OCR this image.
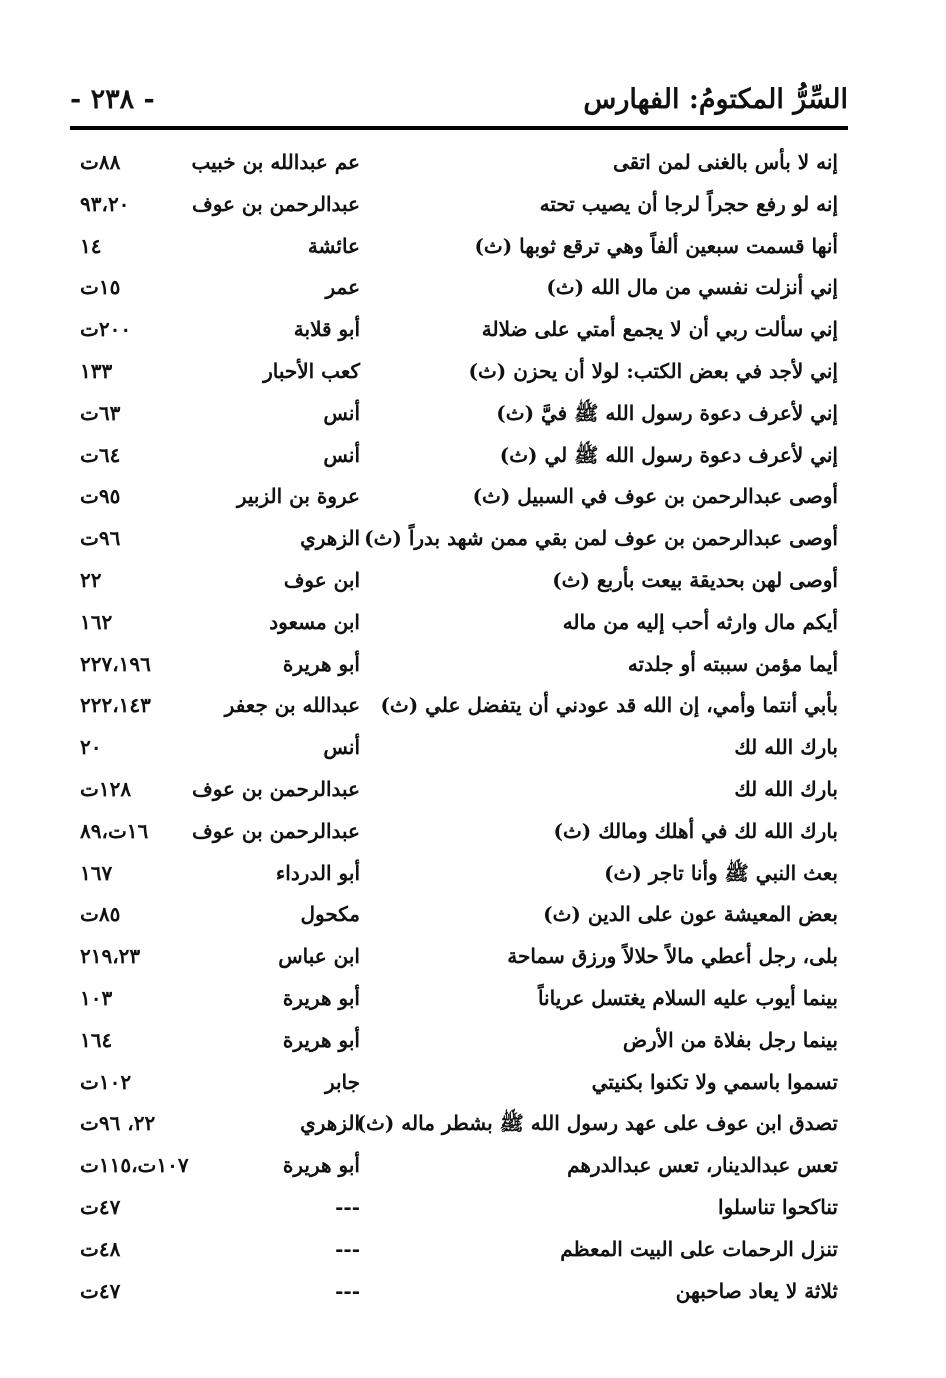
السِّرُّ المكتومُ: الفهارس
- ٢٣٨ -
إنه لا بأس بالغنى لمن اتقى
عم عبدالله بن خبيب
٨٨ت
إنه لو رفع حجراً لرجا أن يصيب تحته
عبدالرحمن بن عوف
٩٣،٢٠
أنها قسمت سبعين ألفاً وهي ترقع ثوبها (ث)
عائشة
١٤
إني أنزلت نفسي من مال الله (ث)
عمر
١٥ت
إني سألت ربي أن لا يجمع أمتي على ضلالة
أبو قلابة
٢٠٠ت
إني لأجد في بعض الكتب: لولا أن يحزن (ث)
كعب الأحبار
١٣٣
إني لأعرف دعوة رسول الله ﷺ فيَّ (ث)
أنس
٦٣ت
إني لأعرف دعوة رسول الله ﷺ لي (ث)
أنس
٦٤ت
أوصى عبدالرحمن بن عوف في السبيل (ث)
عروة بن الزبير
٩٥ت
أوصى عبدالرحمن بن عوف لمن بقي ممن شهد بدراً (ث)
الزهري
٩٦ت
أوصى لهن بحديقة بيعت بأربع (ث)
ابن عوف
٢٢
أيكم مال وارثه أحب إليه من ماله
ابن مسعود
١٦٢
أيما مؤمن سببته أو جلدته
أبو هريرة
٢٢٧،١٩٦
بأبي أنتما وأمي، إن الله قد عودني أن يتفضل علي (ث)
عبدالله بن جعفر
٢٢٢،١٤٣
بارك الله لك
أنس
٢٠
بارك الله لك
عبدالرحمن بن عوف
١٢٨ت
بارك الله لك في أهلك ومالك (ث)
عبدالرحمن بن عوف
١٦ت،٨٩
بعث النبي ﷺ وأنا تاجر (ث)
أبو الدرداء
١٦٧
بعض المعيشة عون على الدين (ث)
مكحول
٨٥ت
بلى، رجل أعطي مالاً حلالاً ورزق سماحة
ابن عباس
٢١٩،٢٣
بينما أيوب عليه السلام يغتسل عرياناً
أبو هريرة
١٠٣
بينما رجل بفلاة من الأرض
أبو هريرة
١٦٤
تسموا باسمي ولا تكنوا بكنيتي
جابر
١٠٢ت
تصدق ابن عوف على عهد رسول الله ﷺ بشطر ماله (ث)
الزهري
٢٢، ٩٦ت
تعس عبدالدينار، تعس عبدالدرهم
أبو هريرة
١٠٧ت،١١٥ت
تناكحوا تناسلوا
---
٤٧ت
تنزل الرحمات على البيت المعظم
---
٤٨ت
ثلاثة لا يعاد صاحبهن
---
٤٧ت
